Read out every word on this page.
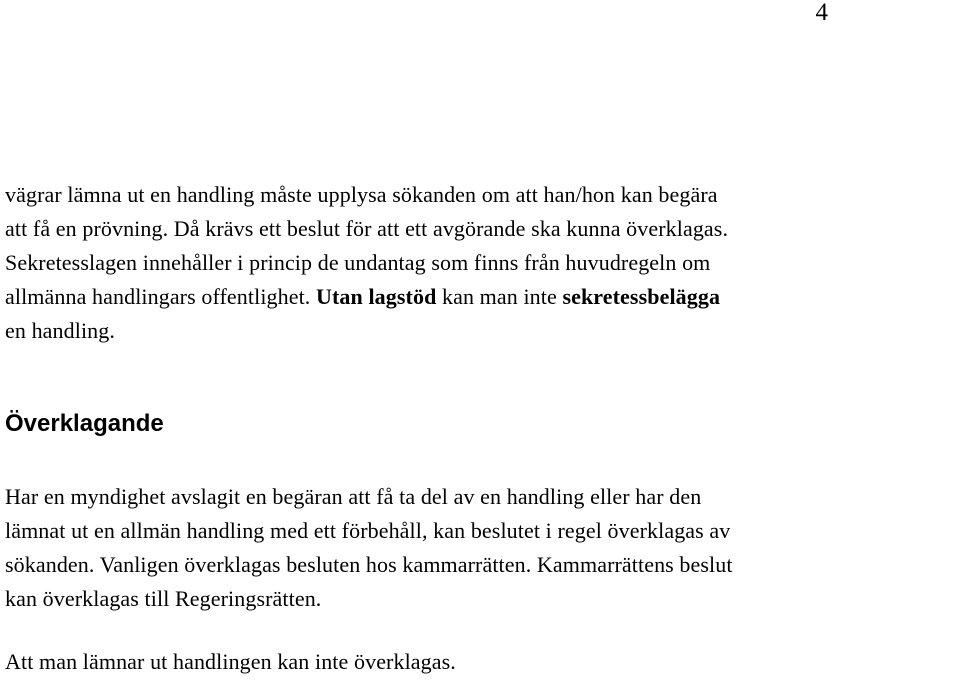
4

vägrar lämna ut en handling måste upplysa sökanden om att han/hon kan begära
att få en prövning. Då krävs ett beslut för att ett avgörande ska kunna överklagas.
Sekretesslagen innehåller i princip de undantag som finns från huvudregeln om
allmänna handlingars offentlighet. Utan lagstöd kan man inte sekretessbelägga
en handling.

Överklagande

Har en myndighet avslagit en begäran att få ta del av en handling eller har den
lämnat ut en allmän handling med ett förbehåll, kan beslutet i regel överklagas av
sökanden. Vanligen överklagas besluten hos kammarrätten. Kammarrättens beslut
kan överklagas till Regeringsrätten.

Att man lämnar ut handlingen kan inte överklagas.
